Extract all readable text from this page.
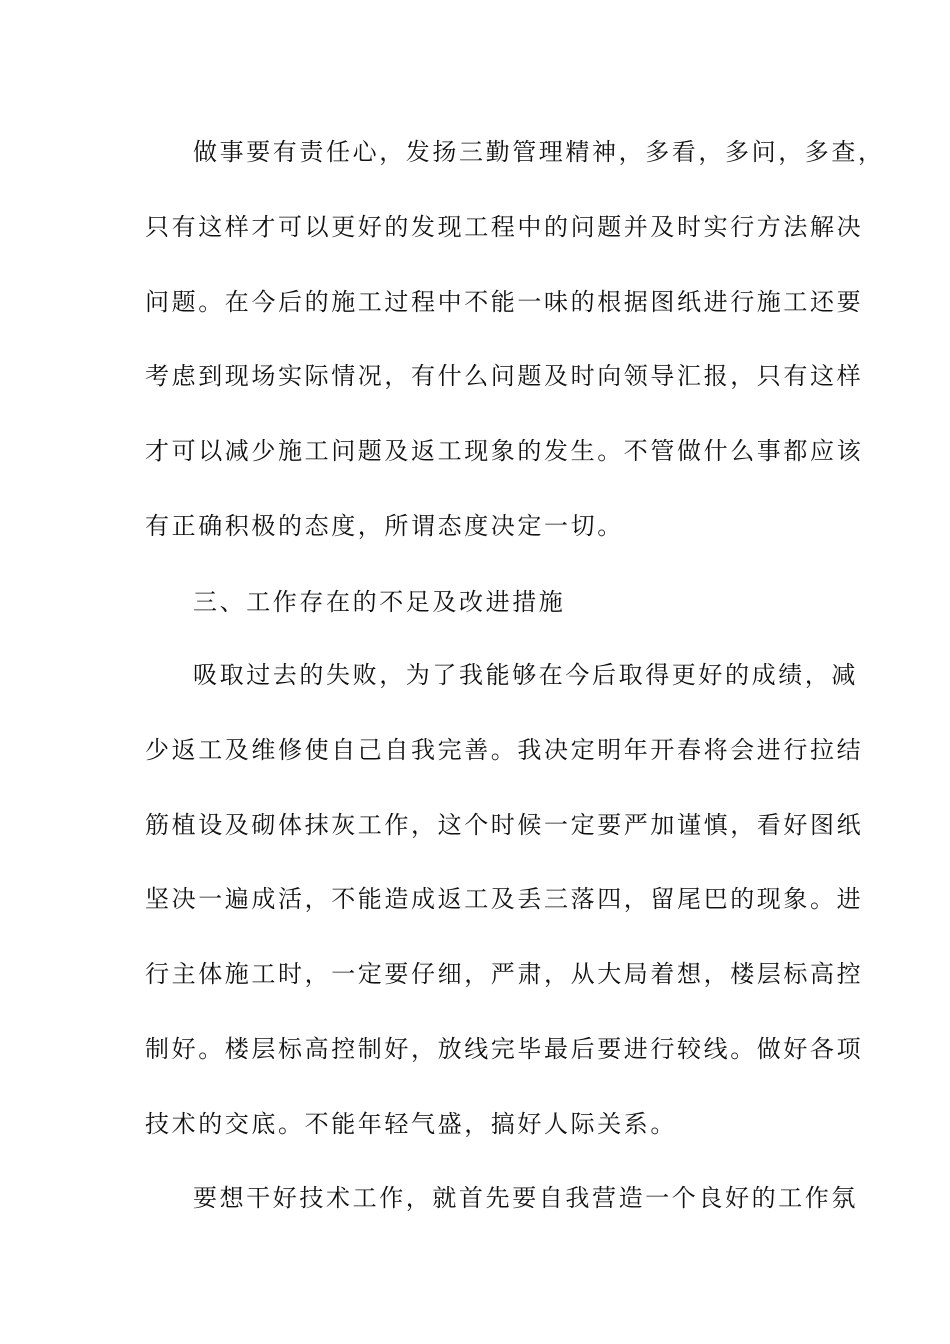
做事要有责任心，发扬三勤管理精神，多看，多问，多查，
只有这样才可以更好的发现工程中的问题并及时实行方法解决
问题。在今后的施工过程中不能一味的根据图纸进行施工还要
考虑到现场实际情况，有什么问题及时向领导汇报，只有这样
才可以减少施工问题及返工现象的发生。不管做什么事都应该
有正确积极的态度，所谓态度决定一切。
三、工作存在的不足及改进措施
吸取过去的失败，为了我能够在今后取得更好的成绩，减
少返工及维修使自己自我完善。我决定明年开春将会进行拉结
筋植设及砌体抹灰工作，这个时候一定要严加谨慎，看好图纸
坚决一遍成活，不能造成返工及丢三落四，留尾巴的现象。进
行主体施工时，一定要仔细，严肃，从大局着想，楼层标高控
制好。楼层标高控制好，放线完毕最后要进行较线。做好各项
技术的交底。不能年轻气盛，搞好人际关系。
要想干好技术工作，就首先要自我营造一个良好的工作氛
